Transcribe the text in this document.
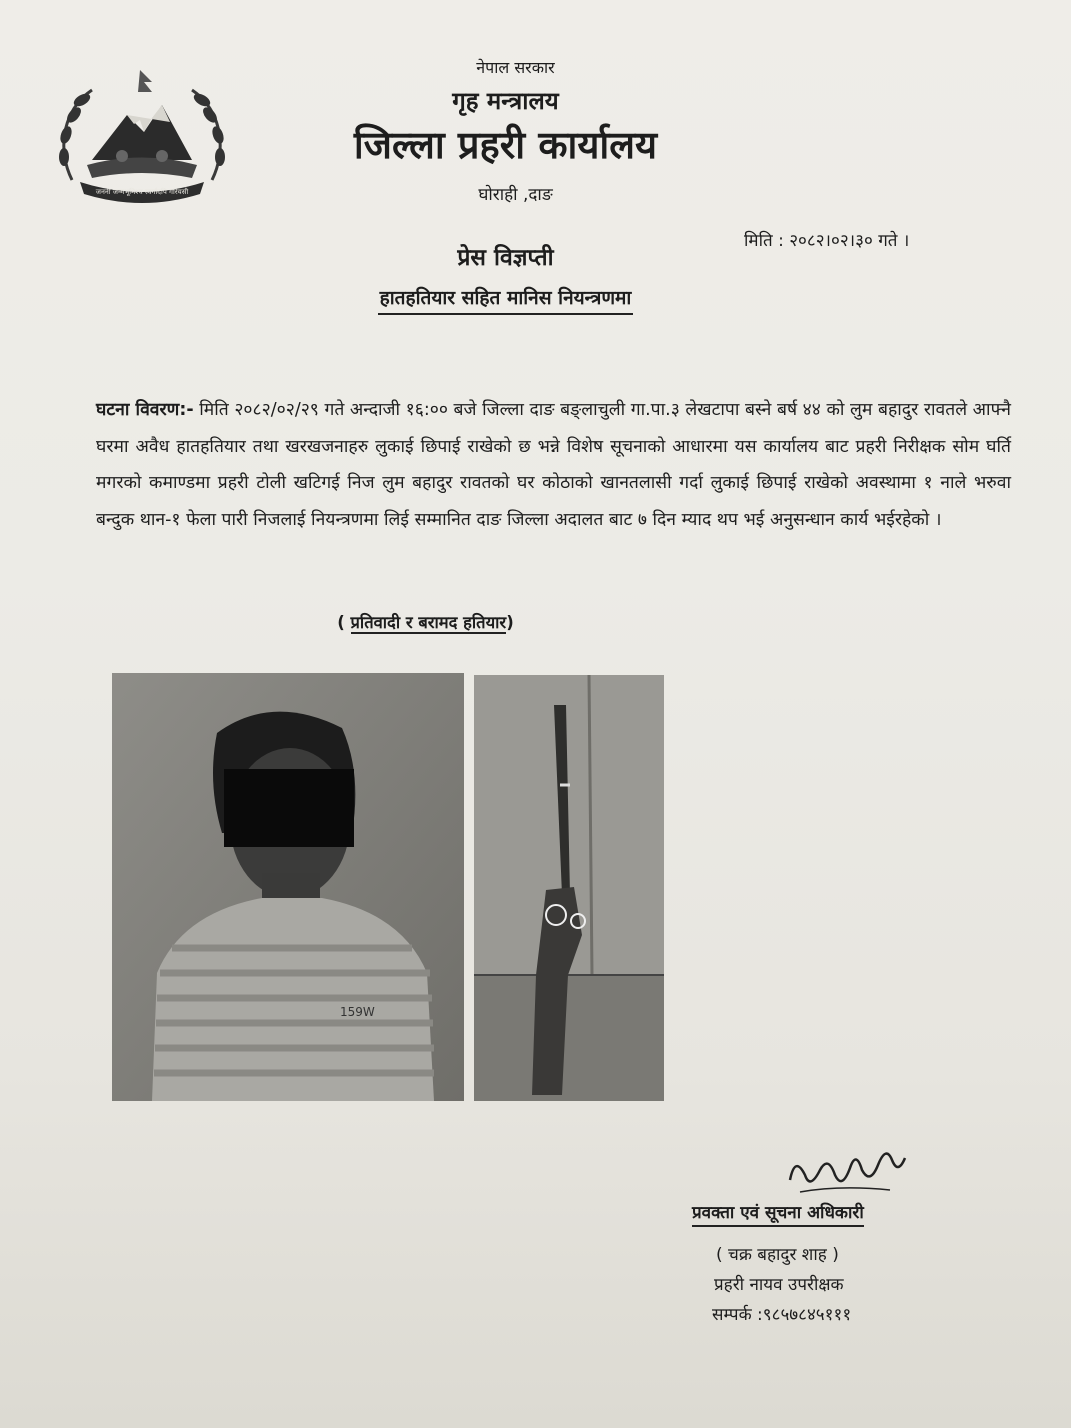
जननी जन्मभूमिश्च स्वर्गादपि गरियसी
नेपाल सरकार
गृह मन्त्रालय
जिल्ला प्रहरी कार्यालय
घोराही ,दाङ
मिति : २०८२।०२।३० गते ।
प्रेस विज्ञप्ती
हातहतियार सहित मानिस नियन्त्रणमा
घटना विवरण:- मिति २०८२/०२/२९ गते अन्दाजी १६:०० बजे जिल्ला दाङ बङ्लाचुली गा.पा.३ लेखटापा बस्ने बर्ष ४४ को लुम बहादुर रावतले आफ्नै घरमा अवैध हातहतियार तथा खरखजनाहरु लुकाई छिपाई राखेको छ भन्ने विशेष सूचनाको आधारमा यस कार्यालय बाट प्रहरी निरीक्षक सोम घर्ति मगरको कमाण्डमा प्रहरी टोली खटिगई निज लुम बहादुर रावतको घर कोठाको खानतलासी गर्दा लुकाई छिपाई राखेको अवस्थामा १ नाले भरुवा बन्दुक थान-१ फेला पारी निजलाई नियन्त्रणमा लिई सम्मानित दाङ जिल्ला अदालत बाट ७ दिन म्याद थप भई अनुसन्धान कार्य भईरहेको ।
( प्रतिवादी र बरामद हतियार)
159W
प्रवक्ता एवं सूचना अधिकारी
( चक्र बहादुर शाह )
प्रहरी नायव उपरीक्षक
सम्पर्क :९८५७८४५१११
